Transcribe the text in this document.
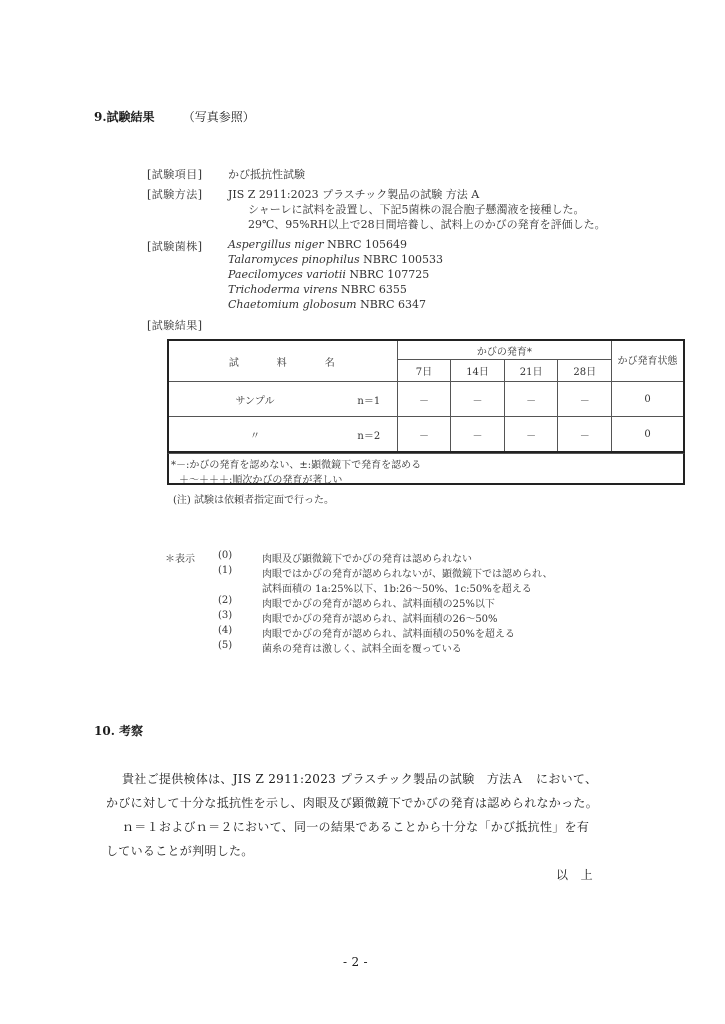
9.試験結果 （写真参照）
[試験項目] かび抵抗性試験
[試験方法] JIS Z 2911:2023 プラスチック製品の試験 方法 A
シャーレに試料を設置し、下記5菌株の混合胞子懸濁液を接種した。
29℃、95%RH以上で28日間培養し、試料上のかびの発育を評価した。
[試験菌株] Aspergillus niger NBRC 105649
Talaromyces pinophilus NBRC 100533
Paecilomyces variotii NBRC 107725
Trichoderma virens NBRC 6355
Chaetomium globosum NBRC 6347
[試験結果]
試　　　料　　　名		かびの発育*				かび発育状態
		7日	14日	21日	28日	
サンプル	n＝1	－	－	－	－	0
〃	n＝2	－	－	－	－	0
*－:かびの発育を認めない、±:顕微鏡下で発育を認める
＋～＋＋＋:順次かびの発育が著しい
(注) 試験は依頼者指定面で行った。
＊表示 (0)	肉眼及び顕微鏡下でかびの発育は認められない
(1)	肉眼ではかびの発育が認められないが、顕微鏡下では認められ、
試料面積の 1a:25%以下、1b:26～50%、1c:50%を超える
(2)	肉眼でかびの発育が認められ、試料面積の25%以下
(3)	肉眼でかびの発育が認められ、試料面積の26～50%
(4)	肉眼でかびの発育が認められ、試料面積の50%を超える
(5)	菌糸の発育は激しく、試料全面を覆っている
10. 考察
貴社ご提供検体は、JIS Z 2911:2023 プラスチック製品の試験　方法Ａ　において、
かびに対して十分な抵抗性を示し、肉眼及び顕微鏡下でかびの発育は認められなかった。
ｎ＝１およびｎ＝２において、同一の結果であることから十分な「かび抵抗性」を有
していることが判明した。
以　上
- 2 -
